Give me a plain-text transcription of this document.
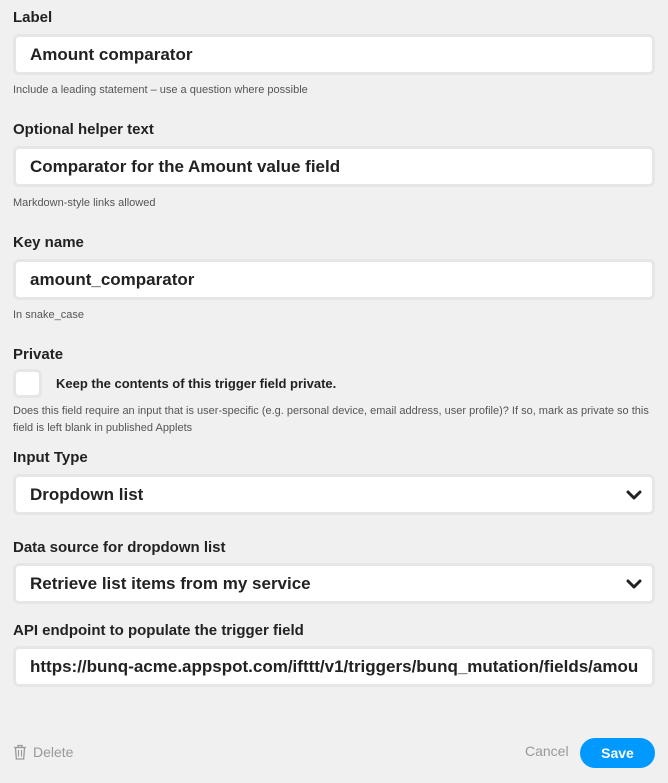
Label
Amount comparator
Include a leading statement – use a question where possible
Optional helper text
Comparator for the Amount value field
Markdown-style links allowed
Key name
amount_comparator
In snake_case
Private
Keep the contents of this trigger field private.
Does this field require an input that is user-specific (e.g. personal device, email address, user profile)? If so, mark as private so this field is left blank in published Applets
Input Type
Dropdown list
Data source for dropdown list
Retrieve list items from my service
API endpoint to populate the trigger field
https://bunq-acme.appspot.com/ifttt/v1/triggers/bunq_mutation/fields/amount_comparator/options
Delete	Cancel	Save
